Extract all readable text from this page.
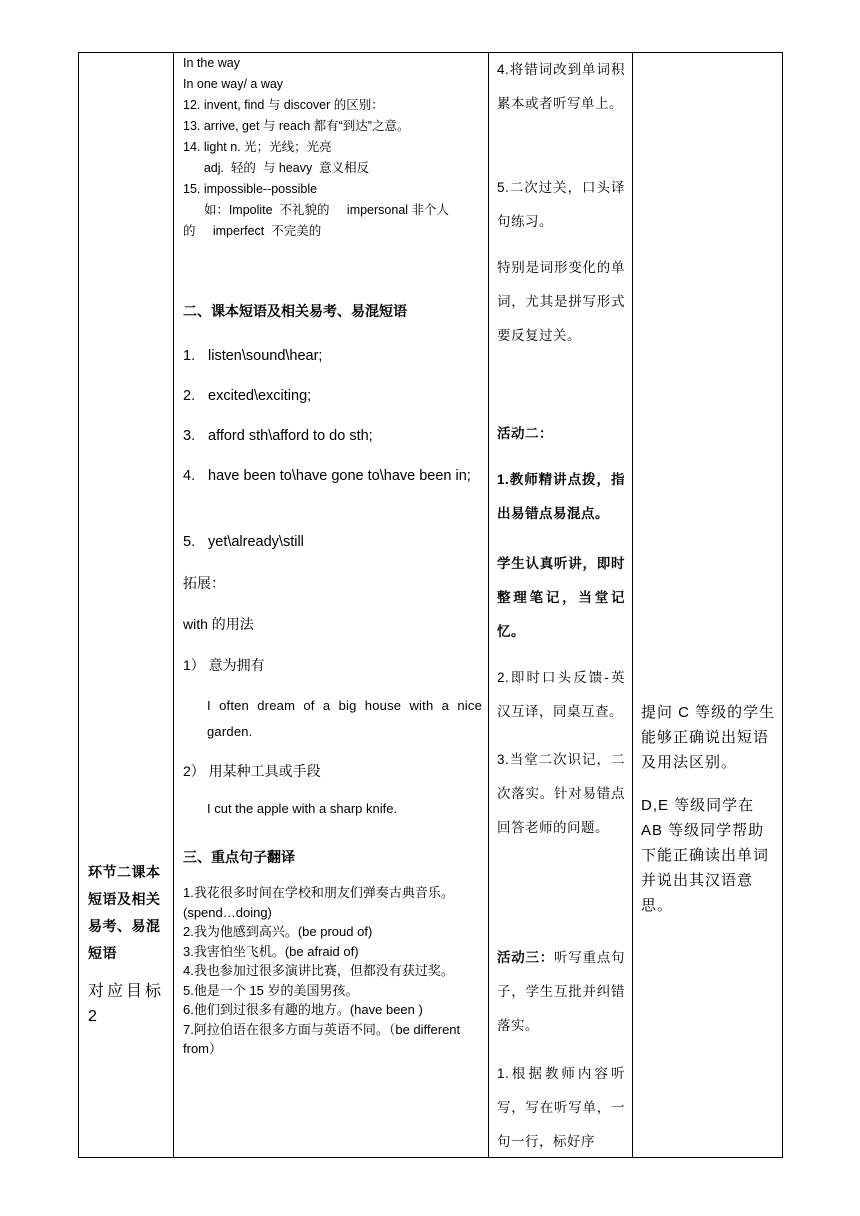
环节二课本短语及相关易考、易混短语

对应目标2

In the way
In one way/ a way
12. invent, find 与 discover 的区别：
13. arrive, get 与 reach 都有“到达”之意。
14. light n. 光；光线；光亮
adj.  轻的  与 heavy  意义相反
15. impossible--possible
如：Impolite  不礼貌的     impersonal 非个人
的     imperfect  不完美的
二、课本短语及相关易考、易混短语
1. listen\sound\hear;
2. excited\exciting;
3. afford sth\afford to do sth;
4. have been to\have gone to\have been in;
5. yet\already\still
拓展：
with 的用法
1） 意为拥有
I often dream of a big house with a nice garden.
2） 用某种工具或手段
I cut the apple with a sharp knife.
三、重点句子翻译
1.我花很多时间在学校和朋友们弹奏古典音乐。(spend…doing)
2.我为他感到高兴。(be proud of)
3.我害怕坐飞机。(be afraid of)
4.我也参加过很多演讲比赛，但都没有获过奖。
5.他是一个 15 岁的美国男孩。
6.他们到过很多有趣的地方。(have been )
7.阿拉伯语在很多方面与英语不同。（be different from）

4.将错词改到单词积累本或者听写单上。

5.二次过关，口头译句练习。

特别是词形变化的单词，尤其是拼写形式要反复过关。

活动二：

1.教师精讲点拨，指出易错点易混点。

学生认真听讲，即时整理笔记，当堂记忆。

2.即时口头反馈-英汉互译，同桌互查。

3.当堂二次识记，二次落实。针对易错点回答老师的问题。

活动三：听写重点句子，学生互批并纠错落实。

1.根据教师内容听写，写在听写单，一句一行，标好序

提问 C 等级的学生能够正确说出短语及用法区别。

D,E 等级同学在 AB 等级同学帮助下能正确读出单词并说出其汉语意思。
